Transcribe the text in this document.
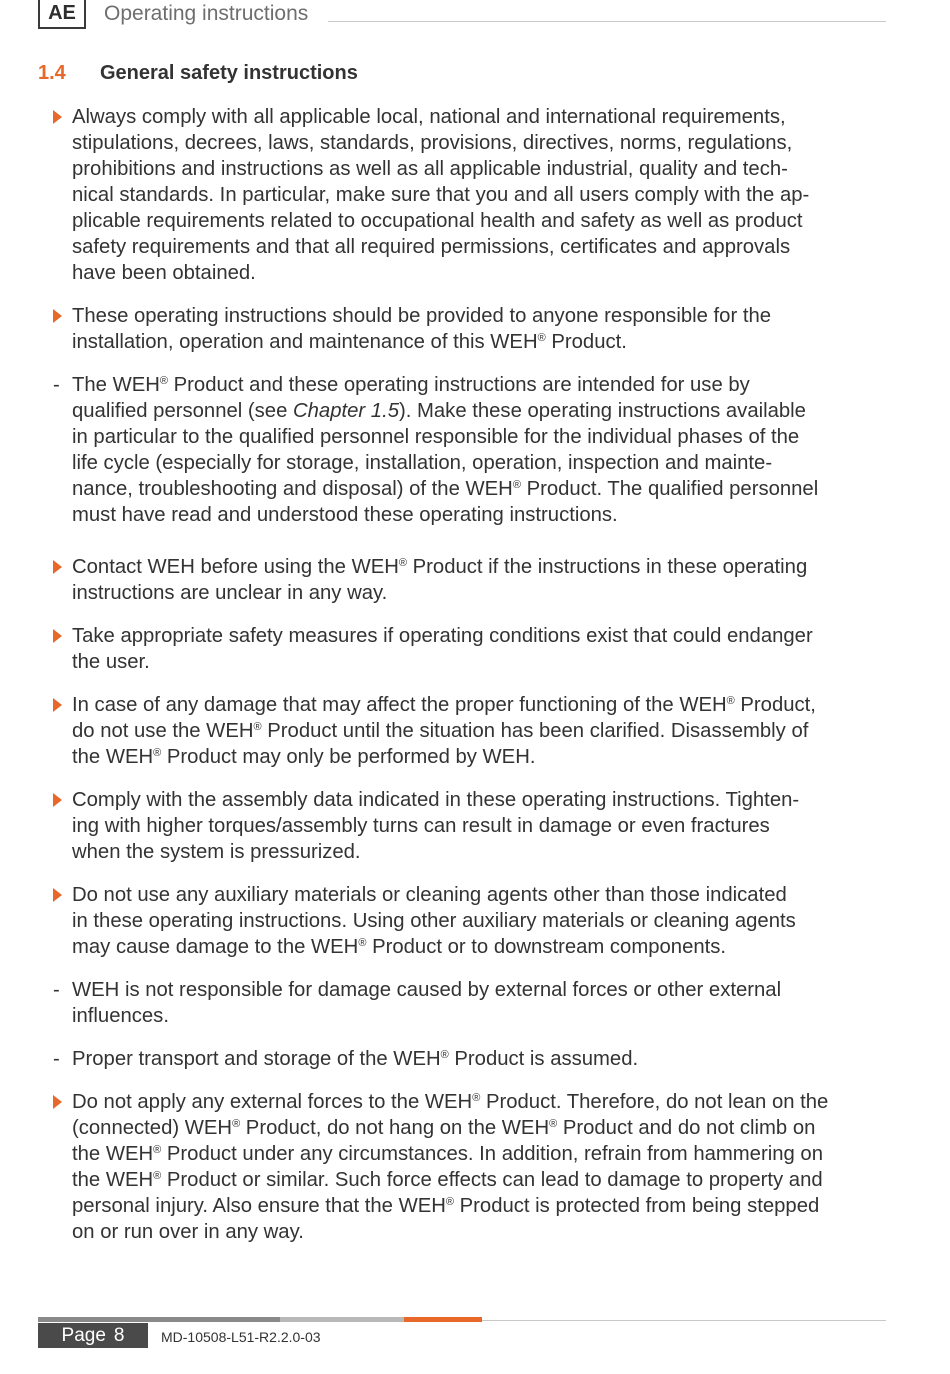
AE	Operating instructions
1.4 General safety instructions
Always comply with all applicable local, national and international requirements,
stipulations, decrees, laws, standards, provisions, directives, norms, regulations,
prohibitions and instructions as well as all applicable industrial, quality and tech-
nical standards. In particular, make sure that you and all users comply with the ap-
plicable requirements related to occupational health and safety as well as product
safety requirements and that all required permissions, certificates and approvals
have been obtained.
These operating instructions should be provided to anyone responsible for the
installation, operation and maintenance of this WEH® Product.
- The WEH® Product and these operating instructions are intended for use by
qualified personnel (see Chapter 1.5). Make these operating instructions available
in particular to the qualified personnel responsible for the individual phases of the
life cycle (especially for storage, installation, operation, inspection and mainte-
nance, troubleshooting and disposal) of the WEH® Product. The qualified personnel
must have read and understood these operating instructions.
Contact WEH before using the WEH® Product if the instructions in these operating
instructions are unclear in any way.
Take appropriate safety measures if operating conditions exist that could endanger
the user.
In case of any damage that may affect the proper functioning of the WEH® Product,
do not use the WEH® Product until the situation has been clarified. Disassembly of
the WEH® Product may only be performed by WEH.
Comply with the assembly data indicated in these operating instructions. Tighten-
ing with higher torques/assembly turns can result in damage or even fractures
when the system is pressurized.
Do not use any auxiliary materials or cleaning agents other than those indicated
in these operating instructions. Using other auxiliary materials or cleaning agents
may cause damage to the WEH® Product or to downstream components.
- WEH is not responsible for damage caused by external forces or other external
influences.
- Proper transport and storage of the WEH® Product is assumed.
Do not apply any external forces to the WEH® Product. Therefore, do not lean on the
(connected) WEH® Product, do not hang on the WEH® Product and do not climb on
the WEH® Product under any circumstances. In addition, refrain from hammering on
the WEH® Product or similar. Such force effects can lead to damage to property and
personal injury. Also ensure that the WEH® Product is protected from being stepped
on or run over in any way.
Page 8	MD-10508-L51-R2.2.0-03
